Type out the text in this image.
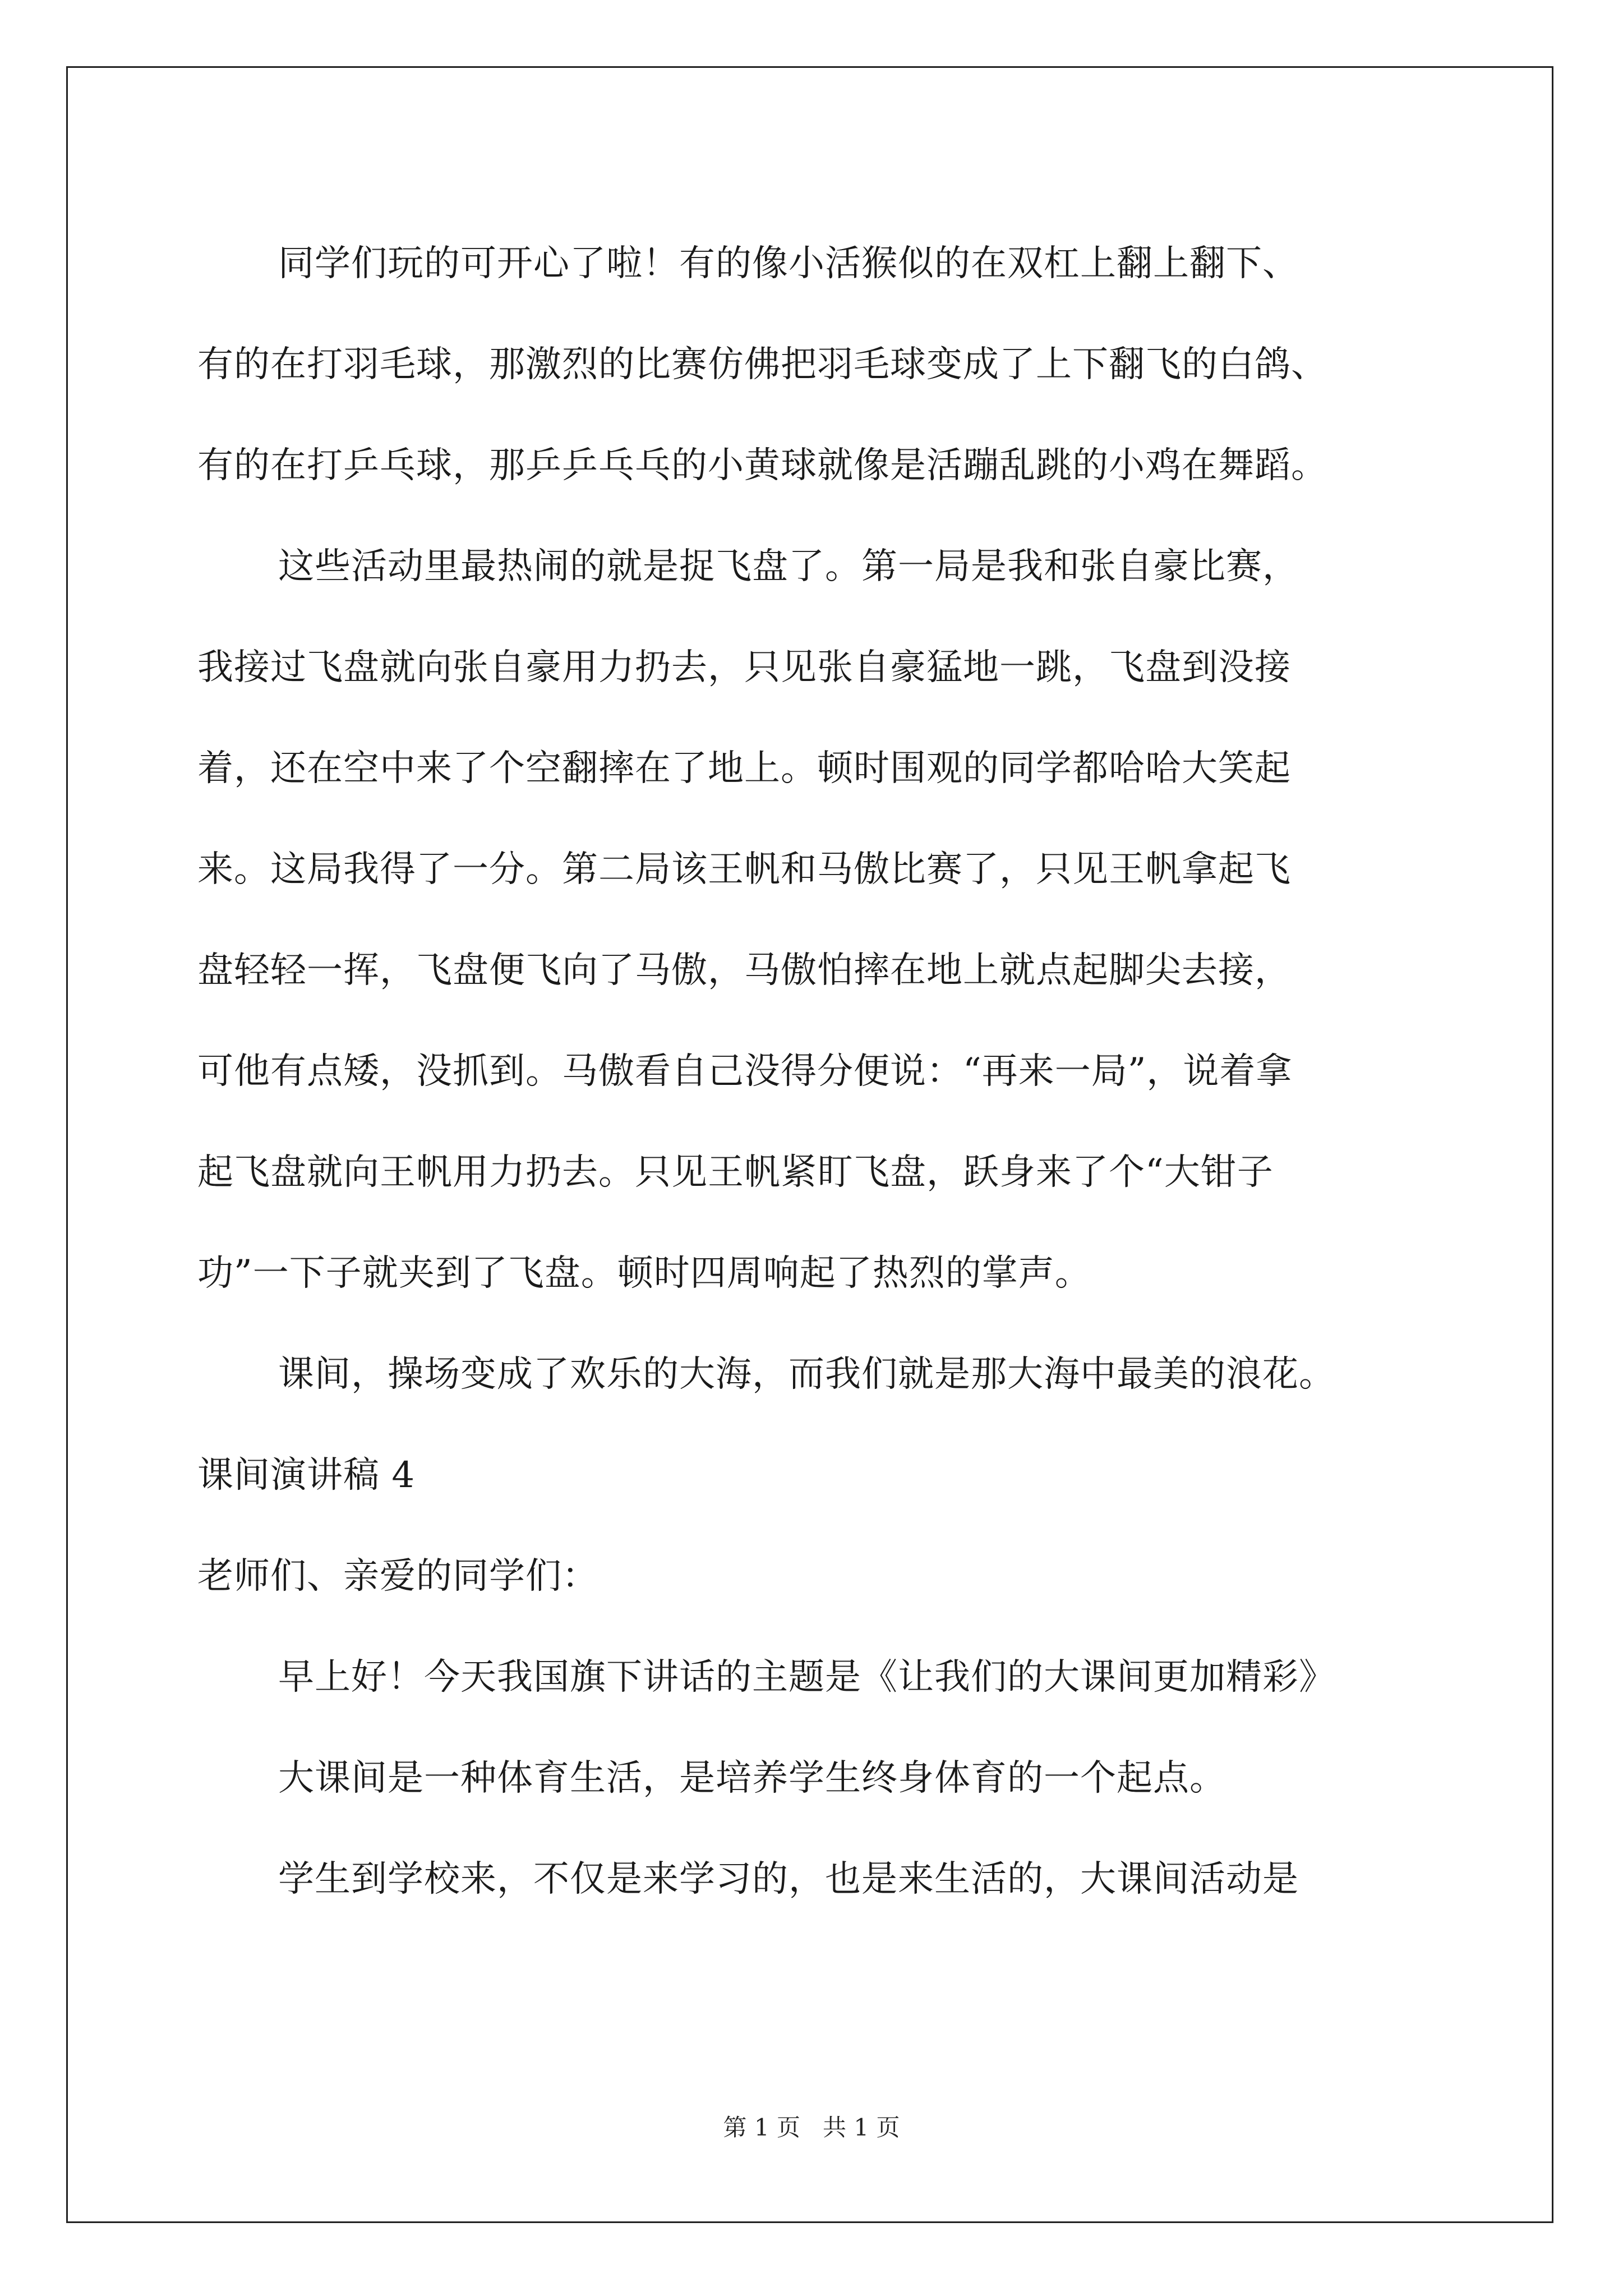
同学们玩的可开心了啦！有的像小活猴似的在双杠上翻上翻下、
有的在打羽毛球，那激烈的比赛仿佛把羽毛球变成了上下翻飞的白鸽、
有的在打乒乓球，那乒乒乓乓的小黄球就像是活蹦乱跳的小鸡在舞蹈。
这些活动里最热闹的就是捉飞盘了。第一局是我和张自豪比赛，
我接过飞盘就向张自豪用力扔去，只见张自豪猛地一跳，飞盘到没接
着，还在空中来了个空翻摔在了地上。顿时围观的同学都哈哈大笑起
来。这局我得了一分。第二局该王帆和马傲比赛了，只见王帆拿起飞
盘轻轻一挥，飞盘便飞向了马傲，马傲怕摔在地上就点起脚尖去接，
可他有点矮，没抓到。马傲看自己没得分便说：“再来一局”，说着拿
起飞盘就向王帆用力扔去。只见王帆紧盯飞盘，跃身来了个“大钳子
功”一下子就夹到了飞盘。顿时四周响起了热烈的掌声。
课间，操场变成了欢乐的大海，而我们就是那大海中最美的浪花。
课间演讲稿 4
老师们、亲爱的同学们：
早上好！今天我国旗下讲话的主题是《让我们的大课间更加精彩》
大课间是一种体育生活，是培养学生终身体育的一个起点。
学生到学校来，不仅是来学习的，也是来生活的，大课间活动是
第 1 页   共 1 页
